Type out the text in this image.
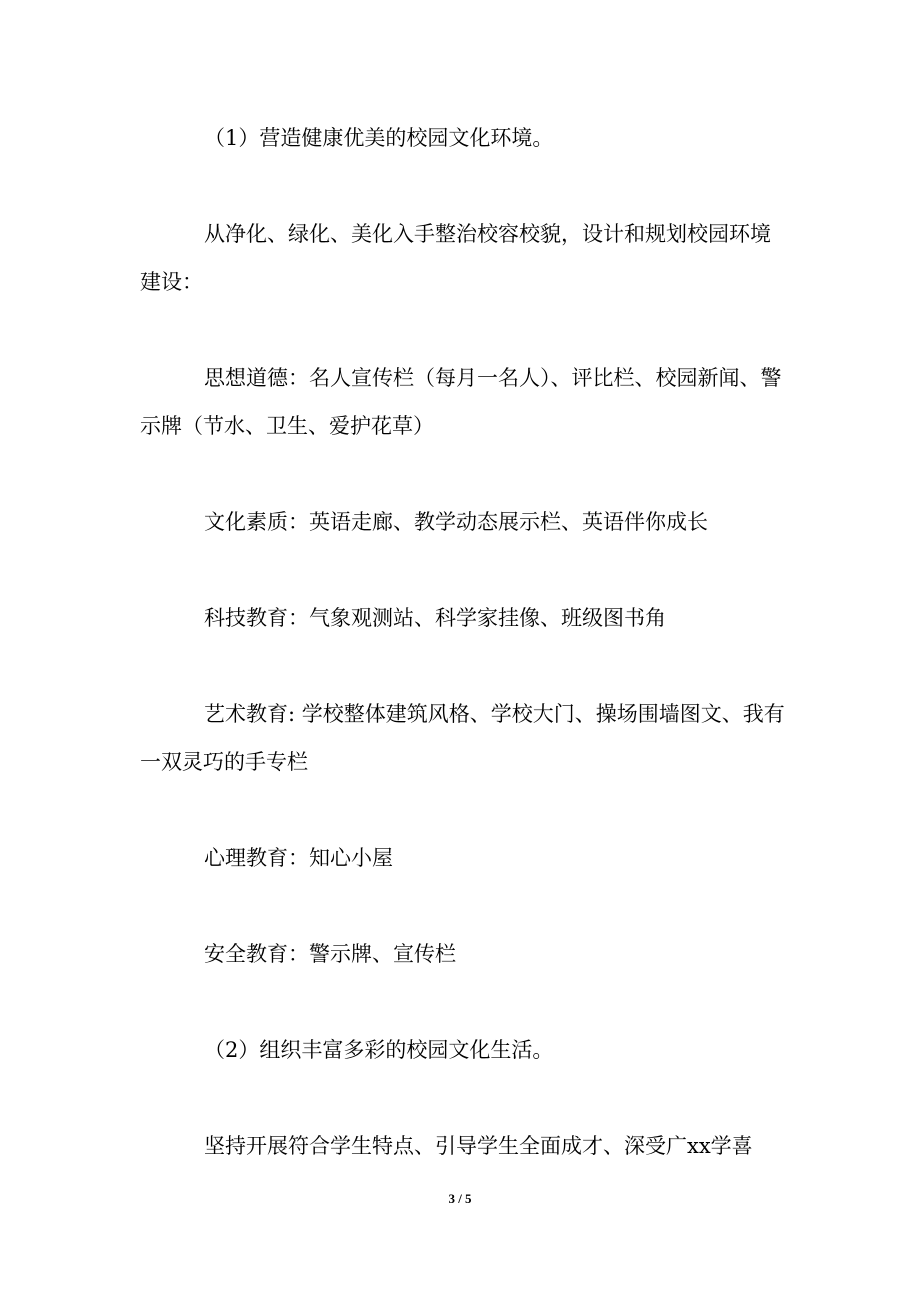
（1）营造健康优美的校园文化环境。

从净化、绿化、美化入手整治校容校貌，设计和规划校园环境建设：

思想道德：名人宣传栏（每月一名人）、评比栏、校园新闻、警示牌（节水、卫生、爱护花草）

文化素质：英语走廊、教学动态展示栏、英语伴你成长

科技教育：气象观测站、科学家挂像、班级图书角

艺术教育: 学校整体建筑风格、学校大门、操场围墙图文、我有一双灵巧的手专栏

心理教育：知心小屋

安全教育：警示牌、宣传栏

（2）组织丰富多彩的校园文化生活。

坚持开展符合学生特点、引导学生全面成才、深受广xx学喜

3 / 5
